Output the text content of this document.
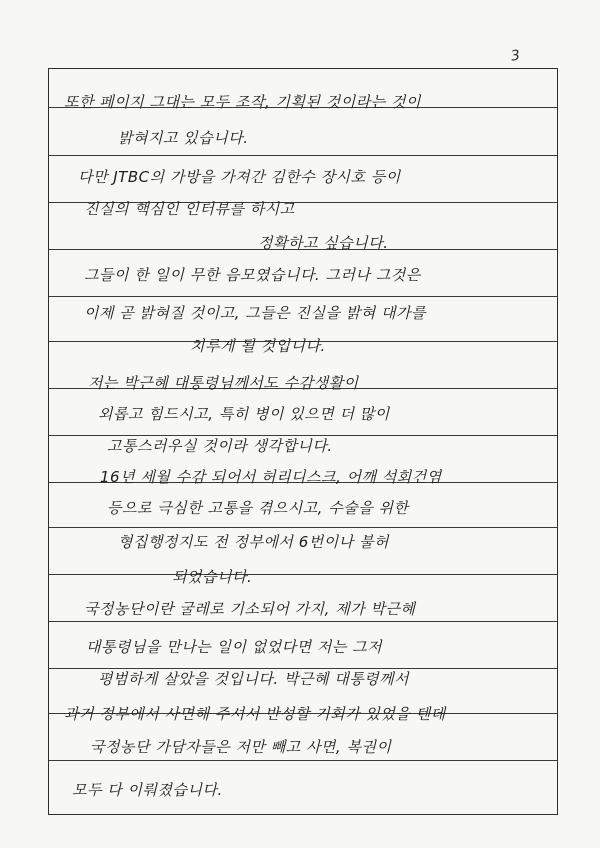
3
또한 페이지 그대는 모두 조작, 기획된 것이라는 것이
밝혀지고 있습니다.
다만 JTBC의 가방을 가져간 김한수 장시호 등이
진실의 핵심인 인터뷰를 하시고
정확하고 싶습니다.
그들이 한 일이 무한 음모였습니다. 그러나 그것은
이제 곧 밝혀질 것이고, 그들은 진실을 밝혀 대가를
치루게 될 것입니다.
저는 박근혜 대통령님께서도 수감생활이
외롭고 힘드시고, 특히 병이 있으면 더 많이
고통스러우실 것이라 생각합니다.
16년 세월 수감 되어서 허리디스크, 어깨 석회건염
등으로 극심한 고통을 겪으시고, 수술을 위한
형집행정지도 전 정부에서 6번이나 불허
되었습니다.
국정농단이란 굴레로 기소되어 가지, 제가 박근혜
대통령님을 만나는 일이 없었다면 저는 그저
평범하게 살았을 것입니다. 박근혜 대통령께서
과거 정부에서 사면해 주셔서 반성할 기회가 있었을 텐데
국정농단 가담자들은 저만 빼고 사면, 복권이
모두 다 이뤄졌습니다.
